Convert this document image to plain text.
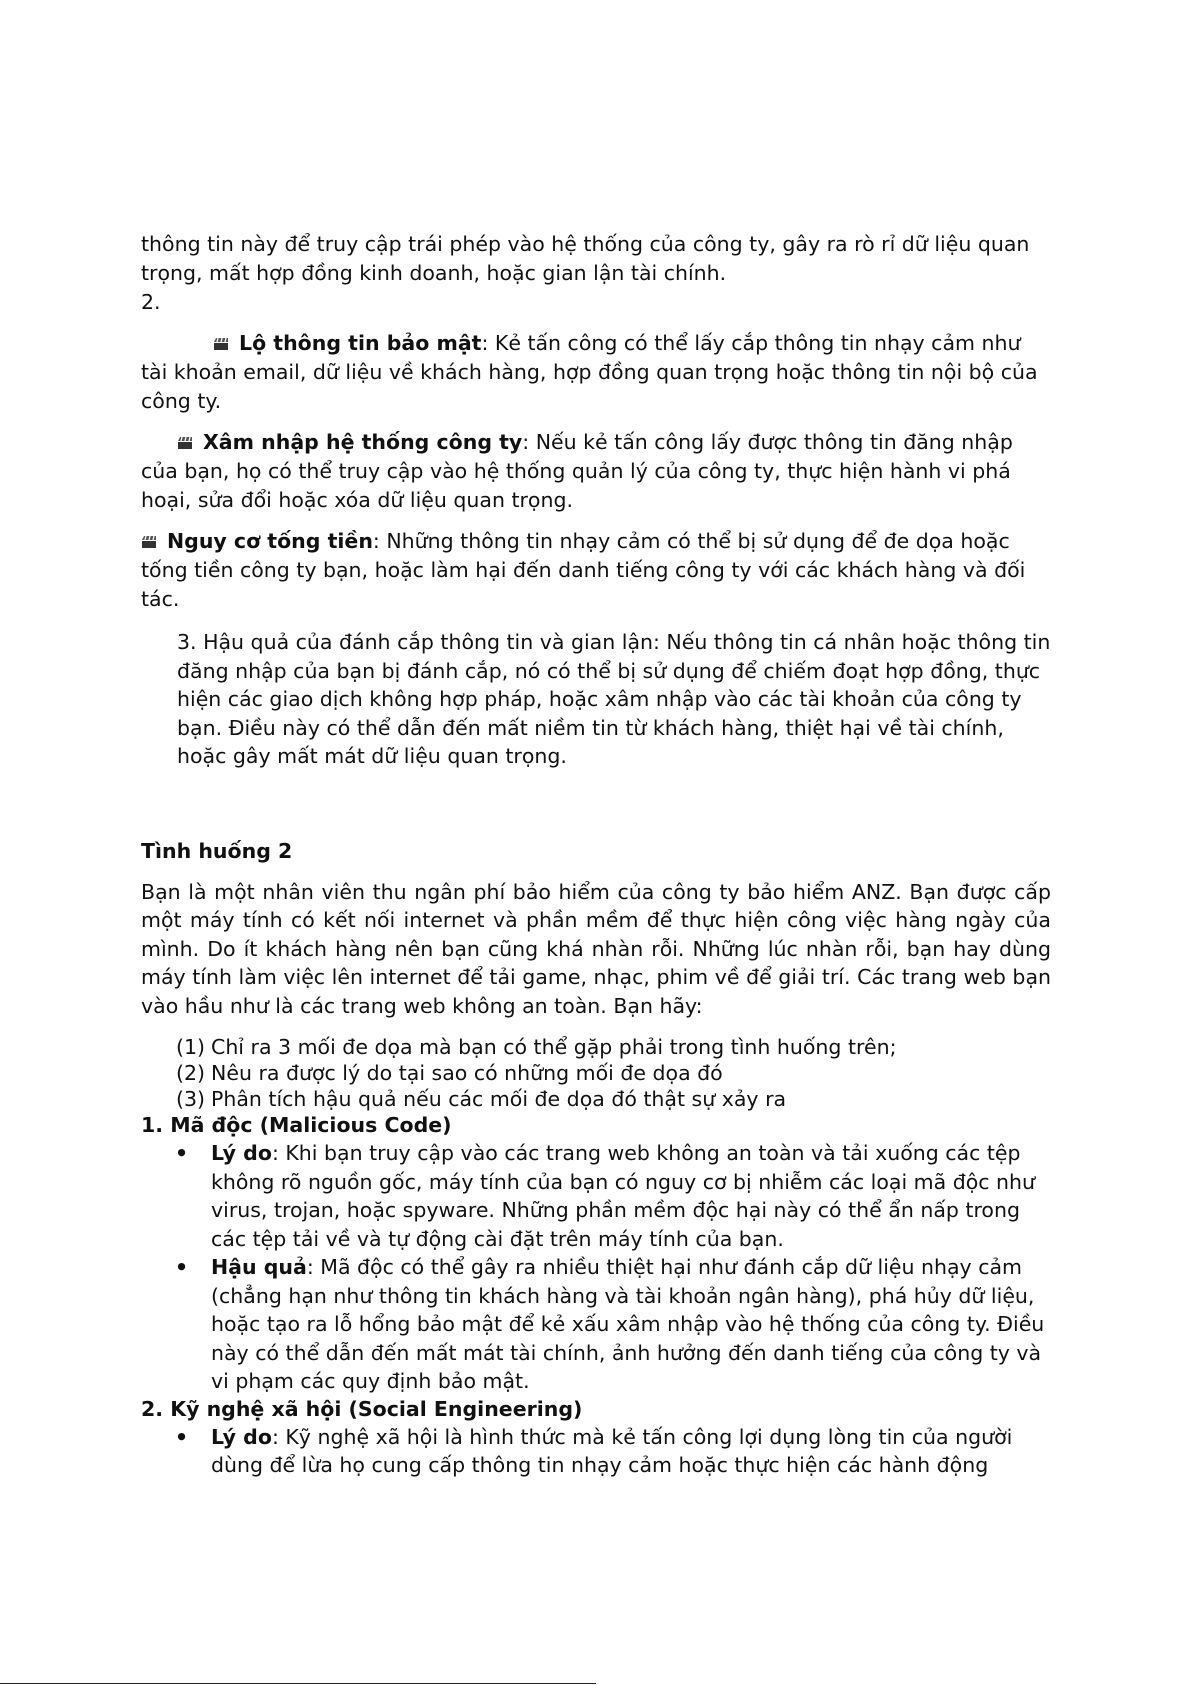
thông tin này để truy cập trái phép vào hệ thống của công ty, gây ra rò rỉ dữ liệu quan trọng, mất hợp đồng kinh doanh, hoặc gian lận tài chính.

2.

Lộ thông tin bảo mật: Kẻ tấn công có thể lấy cắp thông tin nhạy cảm như tài khoản email, dữ liệu về khách hàng, hợp đồng quan trọng hoặc thông tin nội bộ của công ty.

Xâm nhập hệ thống công ty: Nếu kẻ tấn công lấy được thông tin đăng nhập của bạn, họ có thể truy cập vào hệ thống quản lý của công ty, thực hiện hành vi phá hoại, sửa đổi hoặc xóa dữ liệu quan trọng.

Nguy cơ tống tiền: Những thông tin nhạy cảm có thể bị sử dụng để đe dọa hoặc tống tiền công ty bạn, hoặc làm hại đến danh tiếng công ty với các khách hàng và đối tác.

3. Hậu quả của đánh cắp thông tin và gian lận: Nếu thông tin cá nhân hoặc thông tin đăng nhập của bạn bị đánh cắp, nó có thể bị sử dụng để chiếm đoạt hợp đồng, thực hiện các giao dịch không hợp pháp, hoặc xâm nhập vào các tài khoản của công ty bạn. Điều này có thể dẫn đến mất niềm tin từ khách hàng, thiệt hại về tài chính, hoặc gây mất mát dữ liệu quan trọng.

Tình huống 2

Bạn là một nhân viên thu ngân phí bảo hiểm của công ty bảo hiểm ANZ. Bạn được cấp một máy tính có kết nối internet và phần mềm để thực hiện công việc hàng ngày của mình. Do ít khách hàng nên bạn cũng khá nhàn rỗi. Những lúc nhàn rỗi, bạn hay dùng máy tính làm việc lên internet để tải game, nhạc, phim về để giải trí. Các trang web bạn vào hầu như là các trang web không an toàn. Bạn hãy:

(1) Chỉ ra 3 mối đe dọa mà bạn có thể gặp phải trong tình huống trên;
(2) Nêu ra được lý do tại sao có những mối đe dọa đó
(3) Phân tích hậu quả nếu các mối đe dọa đó thật sự xảy ra

1. Mã độc (Malicious Code)

• Lý do: Khi bạn truy cập vào các trang web không an toàn và tải xuống các tệp không rõ nguồn gốc, máy tính của bạn có nguy cơ bị nhiễm các loại mã độc như virus, trojan, hoặc spyware. Những phần mềm độc hại này có thể ẩn nấp trong các tệp tải về và tự động cài đặt trên máy tính của bạn.
• Hậu quả: Mã độc có thể gây ra nhiều thiệt hại như đánh cắp dữ liệu nhạy cảm (chẳng hạn như thông tin khách hàng và tài khoản ngân hàng), phá hủy dữ liệu, hoặc tạo ra lỗ hổng bảo mật để kẻ xấu xâm nhập vào hệ thống của công ty. Điều này có thể dẫn đến mất mát tài chính, ảnh hưởng đến danh tiếng của công ty và vi phạm các quy định bảo mật.

2. Kỹ nghệ xã hội (Social Engineering)

• Lý do: Kỹ nghệ xã hội là hình thức mà kẻ tấn công lợi dụng lòng tin của người dùng để lừa họ cung cấp thông tin nhạy cảm hoặc thực hiện các hành động
